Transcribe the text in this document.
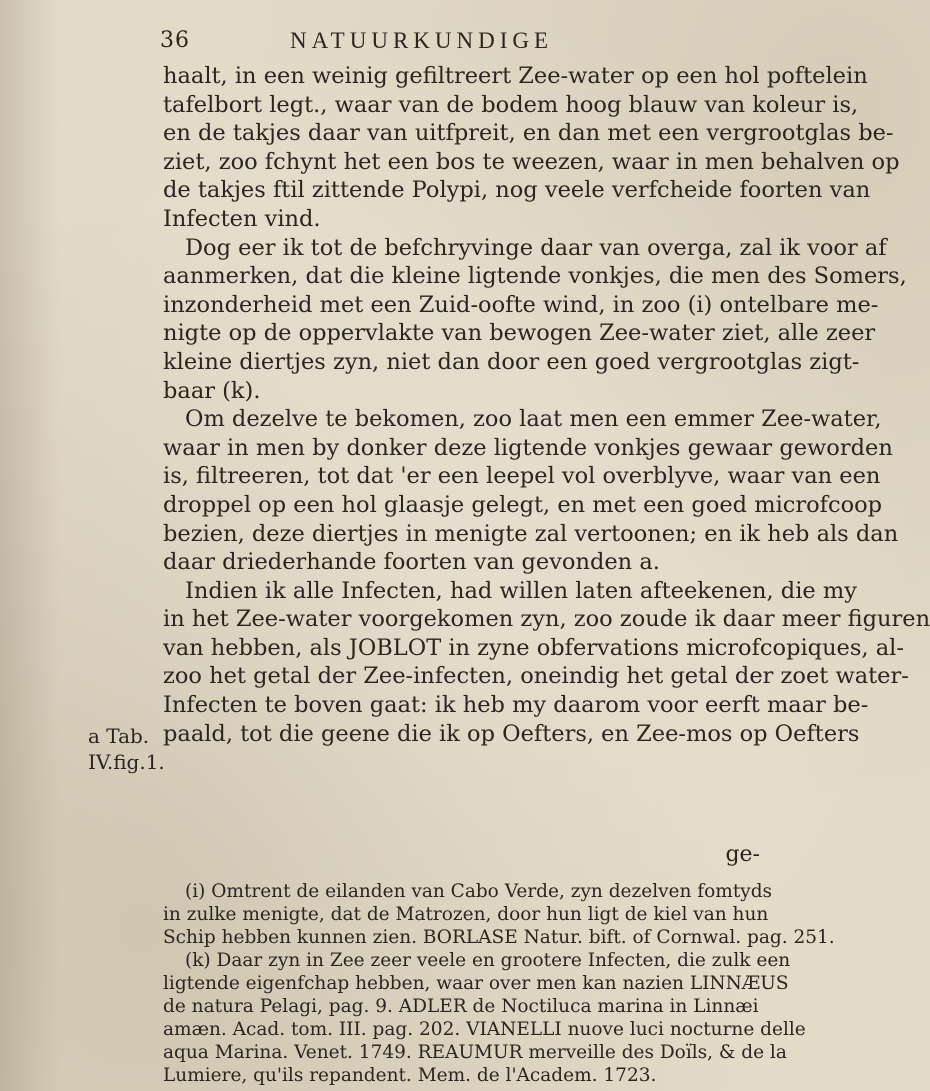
36	NATUURKUNDIGE
a Tab.
IV.fig.1.
haalt, in een weinig gefiltreert Zee-water op een hol poftelein
tafelbort legt., waar van de bodem hoog blauw van koleur is,
en de takjes daar van uitfpreit, en dan met een vergrootglas be-
ziet, zoo fchynt het een bos te weezen, waar in men behalven op
de takjes ftil zittende Polypi, nog veele verfcheide foorten van
Infecten vind.
Dog eer ik tot de befchryvinge daar van overga, zal ik voor af
aanmerken, dat die kleine ligtende vonkjes, die men des Somers,
inzonderheid met een Zuid-oofte wind, in zoo (i) ontelbare me-
nigte op de oppervlakte van bewogen Zee-water ziet, alle zeer
kleine diertjes zyn, niet dan door een goed vergrootglas zigt-
baar (k).
Om dezelve te bekomen, zoo laat men een emmer Zee-water,
waar in men by donker deze ligtende vonkjes gewaar geworden
is, filtreeren, tot dat 'er een leepel vol overblyve, waar van een
droppel op een hol glaasje gelegt, en met een goed microfcoop
bezien, deze diertjes in menigte zal vertoonen; en ik heb als dan
daar driederhande foorten van gevonden a.
Indien ik alle Infecten, had willen laten afteekenen, die my
in het Zee-water voorgekomen zyn, zoo zoude ik daar meer figuren
van hebben, als JOBLOT in zyne obfervations microfcopiques, al-
zoo het getal der Zee-infecten, oneindig het getal der zoet water-
Infecten te boven gaat: ik heb my daarom voor eerft maar be-
paald, tot die geene die ik op Oefters, en Zee-mos op Oefters
ge-
(i) Omtrent de eilanden van Cabo Verde, zyn dezelven fomtyds
in zulke menigte, dat de Matrozen, door hun ligt de kiel van hun
Schip hebben kunnen zien. BORLASE Natur. bift. of Cornwal. pag. 251.
(k) Daar zyn in Zee zeer veele en grootere Infecten, die zulk een
ligtende eigenfchap hebben, waar over men kan nazien LINNÆUS
de natura Pelagi, pag. 9. ADLER de Noctiluca marina in Linnæi
amæn. Acad. tom. III. pag. 202. VIANELLI nuove luci nocturne delle
aqua Marina. Venet. 1749. REAUMUR merveille des Doïls, & de la
Lumiere, qu'ils repandent. Mem. de l'Academ. 1723.
